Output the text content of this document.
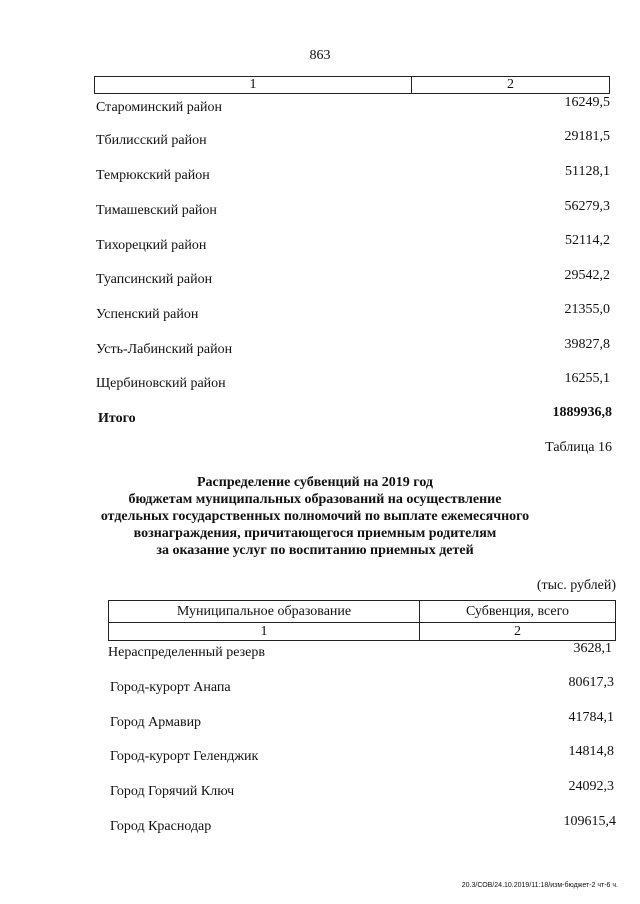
863
1	2
Староминский район	16249,5
Тбилисский район	29181,5
Темрюкский район	51128,1
Тимашевский район	56279,3
Тихорецкий район	52114,2
Туапсинский район	29542,2
Успенский район	21355,0
Усть-Лабинский район	39827,8
Щербиновский район	16255,1
Итого	1889936,8
Таблица 16
Распределение субвенций на 2019 год
бюджетам муниципальных образований на осуществление
отдельных государственных полномочий по выплате ежемесячного
вознаграждения, причитающегося приемным родителям
за оказание услуг по воспитанию приемных детей
(тыс. рублей)
Муниципальное образование	Субвенция, всего
1	2
Нераспределенный резерв	3628,1
Город-курорт Анапа	80617,3
Город Армавир	41784,1
Город-курорт Геленджик	14814,8
Город Горячий Ключ	24092,3
Город Краснодар	109615,4
20.3/СОВ/24.10.2019/11:18/изм-бюджет-2 чт-6 ч.
